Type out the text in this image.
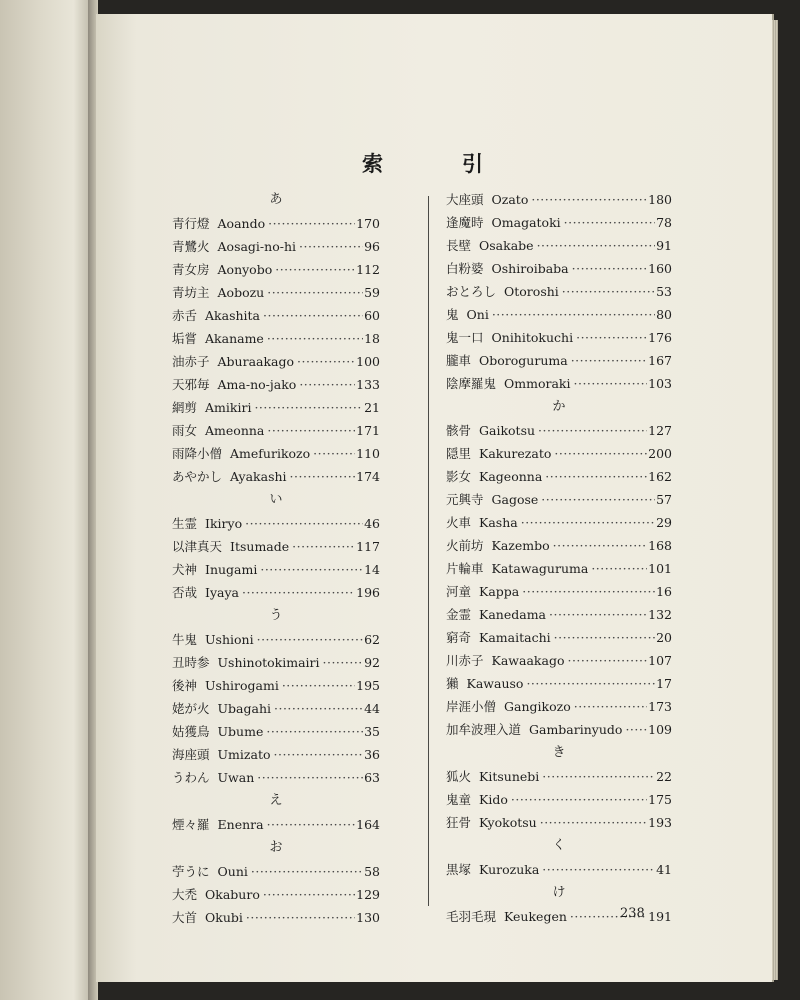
索	引
あ
青行燈 Aoando ·····	170
青鷺火 Aosagi-no-hi ·····	96
青女房 Aonyobo ·····	112
青坊主 Aobozu ·····	59
赤舌 Akashita ·····	60
垢嘗 Akaname ·····	18
油赤子 Aburaakago ·····	100
天邪毎 Ama-no-jako ·····	133
網剪 Amikiri ·····	21
雨女 Ameonna ·····	171
雨降小僧 Amefurikozo ·····	110
あやかし Ayakashi ·····	174
い
生霊 Ikiryo ·····	46
以津真天 Itsumade ·····	117
犬神 Inugami ·····	14
否哉 Iyaya ·····	196
う
牛鬼 Ushioni ·····	62
丑時参 Ushinotokimairi ·····	92
後神 Ushirogami ·····	195
姥が火 Ubagahi ·····	44
姑獲鳥 Ubume ·····	35
海座頭 Umizato ·····	36
うわん Uwan ·····	63
え
煙々羅 Enenra ·····	164
お
苧うに Ouni ·····	58
大禿 Okaburo ·····	129
大首 Okubi ·····	130
大座頭 Ozato ·····	180
逢魔時 Omagatoki ·····	78
長壁 Osakabe ·····	91
白粉婆 Oshiroibaba ·····	160
おとろし Otoroshi ·····	53
鬼 Oni ·····	80
鬼一口 Onihitokuchi ·····	176
朧車 Oboroguruma ·····	167
陰摩羅鬼 Ommoraki ·····	103
か
骸骨 Gaikotsu ·····	127
隠里 Kakurezato ·····	200
影女 Kageonna ·····	162
元興寺 Gagose ·····	57
火車 Kasha ·····	29
火前坊 Kazembo ·····	168
片輪車 Katawaguruma ·····	101
河童 Kappa ·····	16
金霊 Kanedama ·····	132
窮奇 Kamaitachi ·····	20
川赤子 Kawaakago ·····	107
獺 Kawauso ·····	17
岸涯小僧 Gangikozo ·····	173
加牟波理入道 Gambarinyudo ····· 109
き
狐火 Kitsunebi ·····	22
鬼童 Kido ·····	175
狂骨 Kyokotsu ·····	193
く
黒塚 Kurozuka ·····	41
け
毛羽毛現 Keukegen ·····	191
238
